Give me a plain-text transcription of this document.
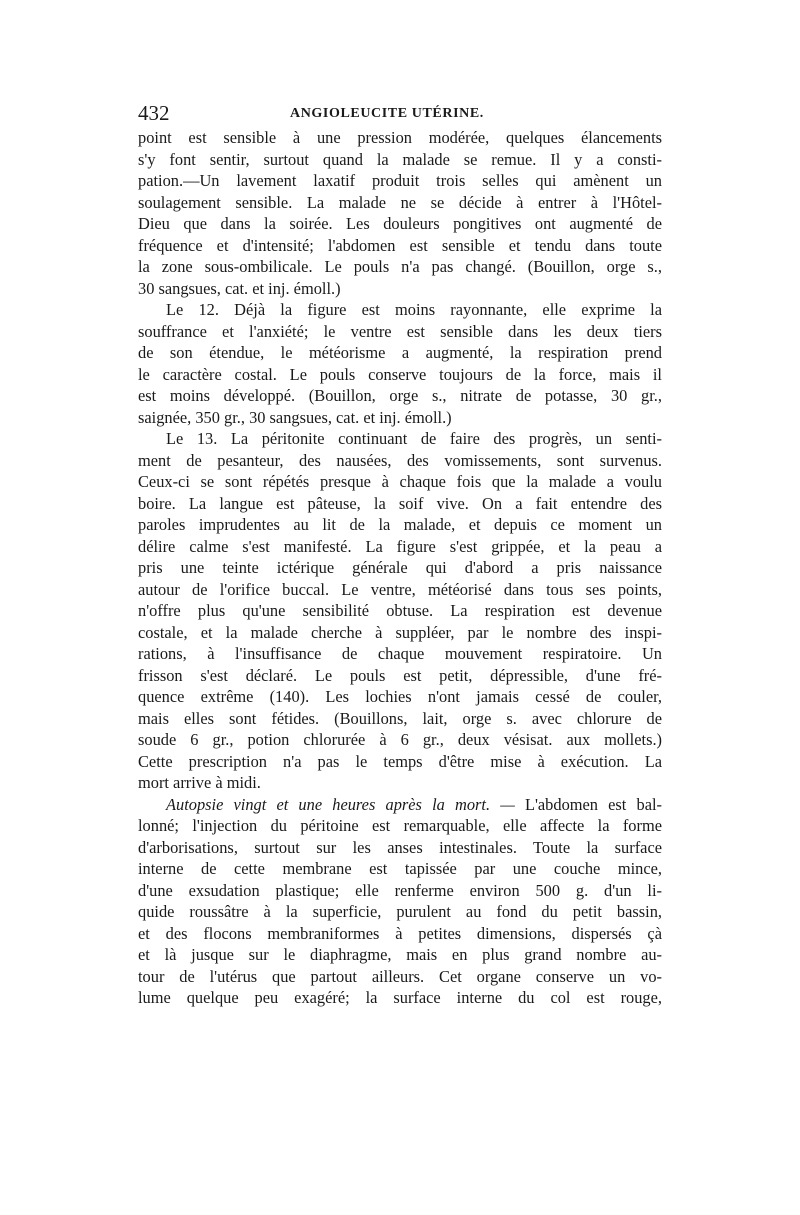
432	ANGIOLEUCITE UTÉRINE.
point est sensible à une pression modérée, quelques élancements
s'y font sentir, surtout quand la malade se remue. Il y a consti-
pation.—Un lavement laxatif produit trois selles qui amènent un
soulagement sensible. La malade ne se décide à entrer à l'Hôtel-
Dieu que dans la soirée. Les douleurs pongitives ont augmenté de
fréquence et d'intensité; l'abdomen est sensible et tendu dans toute
la zone sous-ombilicale. Le pouls n'a pas changé. (Bouillon, orge s.,
30 sangsues, cat. et inj. émoll.)
Le 12. Déjà la figure est moins rayonnante, elle exprime la
souffrance et l'anxiété; le ventre est sensible dans les deux tiers
de son étendue, le météorisme a augmenté, la respiration prend
le caractère costal. Le pouls conserve toujours de la force, mais il
est moins développé. (Bouillon, orge s., nitrate de potasse, 30 gr.,
saignée, 350 gr., 30 sangsues, cat. et inj. émoll.)
Le 13. La péritonite continuant de faire des progrès, un senti-
ment de pesanteur, des nausées, des vomissements, sont survenus.
Ceux-ci se sont répétés presque à chaque fois que la malade a voulu
boire. La langue est pâteuse, la soif vive. On a fait entendre des
paroles imprudentes au lit de la malade, et depuis ce moment un
délire calme s'est manifesté. La figure s'est grippée, et la peau a
pris une teinte ictérique générale qui d'abord a pris naissance
autour de l'orifice buccal. Le ventre, météorisé dans tous ses points,
n'offre plus qu'une sensibilité obtuse. La respiration est devenue
costale, et la malade cherche à suppléer, par le nombre des inspi-
rations, à l'insuffisance de chaque mouvement respiratoire. Un
frisson s'est déclaré. Le pouls est petit, dépressible, d'une fré-
quence extrême (140). Les lochies n'ont jamais cessé de couler,
mais elles sont fétides. (Bouillons, lait, orge s. avec chlorure de
soude 6 gr., potion chlorurée à 6 gr., deux vésisat. aux mollets.)
Cette prescription n'a pas le temps d'être mise à exécution. La
mort arrive à midi.
Autopsie vingt et une heures après la mort. — L'abdomen est bal-
lonné; l'injection du péritoine est remarquable, elle affecte la forme
d'arborisations, surtout sur les anses intestinales. Toute la surface
interne de cette membrane est tapissée par une couche mince,
d'une exsudation plastique; elle renferme environ 500 g. d'un li-
quide roussâtre à la superficie, purulent au fond du petit bassin,
et des flocons membraniformes à petites dimensions, dispersés çà
et là jusque sur le diaphragme, mais en plus grand nombre au-
tour de l'utérus que partout ailleurs. Cet organe conserve un vo-
lume quelque peu exagéré; la surface interne du col est rouge,
